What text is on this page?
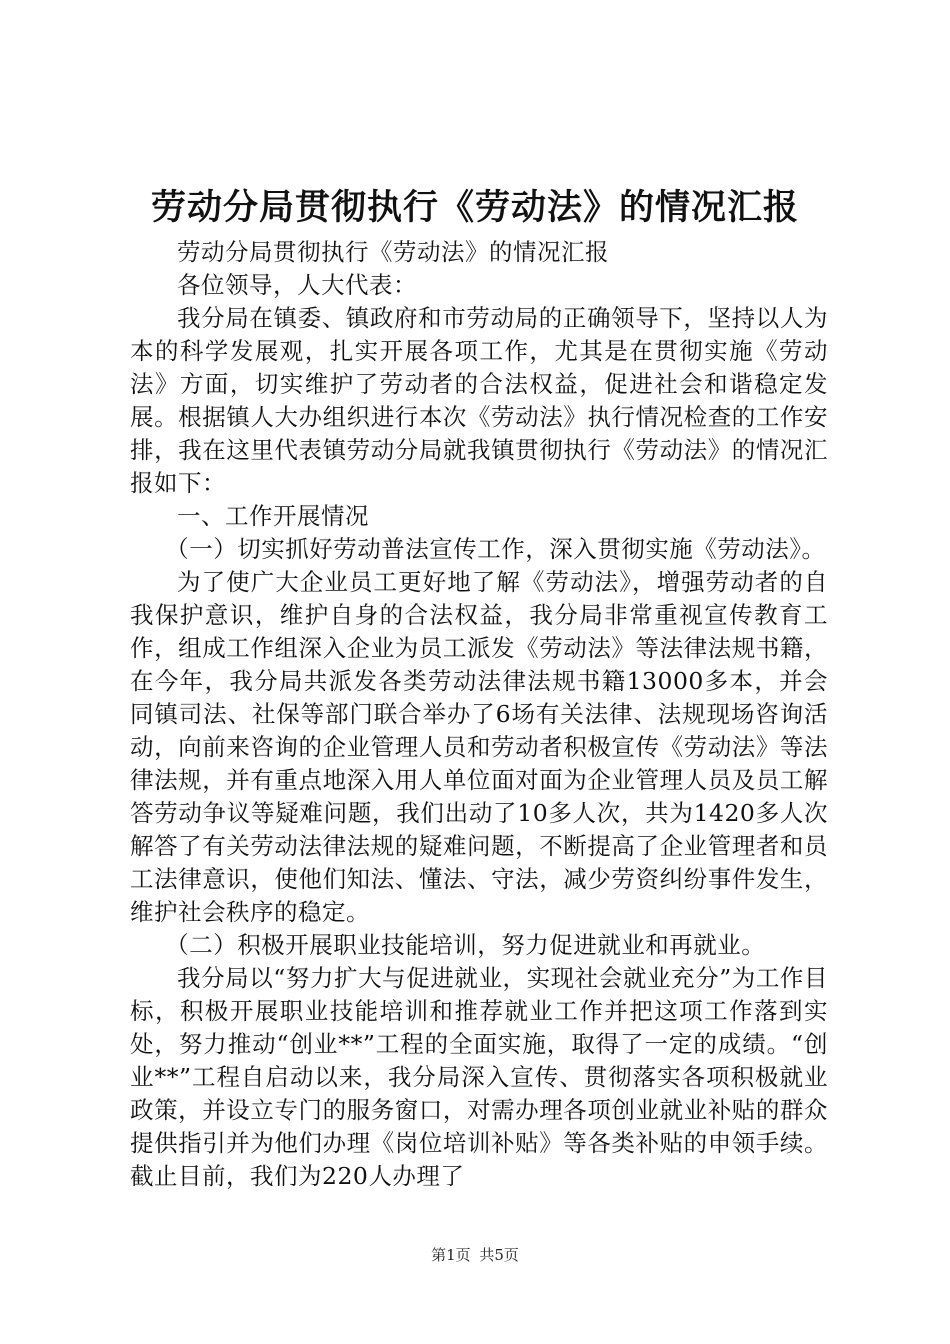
劳动分局贯彻执行《劳动法》的情况汇报

劳动分局贯彻执行《劳动法》的情况汇报

各位领导，人大代表：

我分局在镇委、镇政府和市劳动局的正确领导下，坚持以人为本的科学发展观，扎实开展各项工作，尤其是在贯彻实施《劳动法》方面，切实维护了劳动者的合法权益，促进社会和谐稳定发展。根据镇人大办组织进行本次《劳动法》执行情况检查的工作安排，我在这里代表镇劳动分局就我镇贯彻执行《劳动法》的情况汇报如下：

一、工作开展情况

（一）切实抓好劳动普法宣传工作，深入贯彻实施《劳动法》。

为了使广大企业员工更好地了解《劳动法》，增强劳动者的自我保护意识，维护自身的合法权益，我分局非常重视宣传教育工作，组成工作组深入企业为员工派发《劳动法》等法律法规书籍，在今年，我分局共派发各类劳动法律法规书籍13000多本，并会同镇司法、社保等部门联合举办了6场有关法律、法规现场咨询活动，向前来咨询的企业管理人员和劳动者积极宣传《劳动法》等法律法规，并有重点地深入用人单位面对面为企业管理人员及员工解答劳动争议等疑难问题，我们出动了10多人次，共为1420多人次解答了有关劳动法律法规的疑难问题，不断提高了企业管理者和员工法律意识，使他们知法、懂法、守法，减少劳资纠纷事件发生，维护社会秩序的稳定。

（二）积极开展职业技能培训，努力促进就业和再就业。

我分局以“努力扩大与促进就业，实现社会就业充分”为工作目标，积极开展职业技能培训和推荐就业工作并把这项工作落到实处，努力推动“创业**”工程的全面实施，取得了一定的成绩。“创业**”工程自启动以来，我分局深入宣传、贯彻落实各项积极就业政策，并设立专门的服务窗口，对需办理各项创业就业补贴的群众提供指引并为他们办理《岗位培训补贴》等各类补贴的申领手续。截止目前，我们为220人办理了

第1页 共5页
